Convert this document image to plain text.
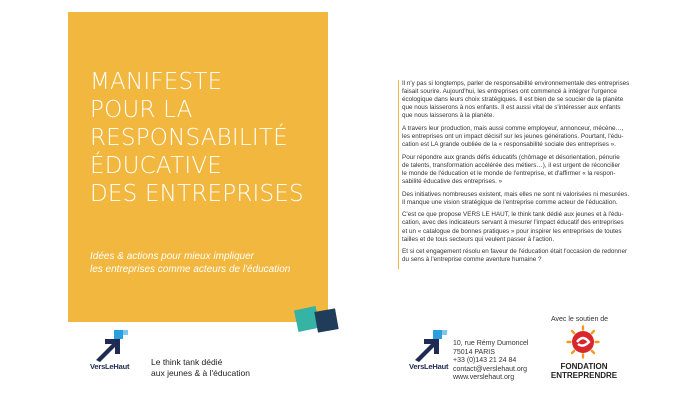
MANIFESTE
POUR LA
RESPONSABILITÉ
ÉDUCATIVE
DES ENTREPRISES

Idées & actions pour mieux impliquer
les entreprises comme acteurs de l'éducation

VersLeHaut	Le think tank dédié
aux jeunes & à l'éducation

Il n'y pas si longtemps, parler de responsabilité environnementale des entreprises
faisait sourire. Aujourd'hui, les entreprises ont commencé à intégrer l'urgence
écologique dans leurs choix stratégiques. Il est bien de se soucier de la planète
que nous laisserons à nos enfants. Il est aussi vital de s'intéresser aux enfants
que nous laisserons à la planète.

A travers leur production, mais aussi comme employeur, annonceur, mécène…,
les entreprises ont un impact décisif sur les jeunes générations. Pourtant, l'édu-
cation est LA grande oubliée de la « responsabilité sociale des entreprises ».

Pour répondre aux grands défis éducatifs (chômage et désorientation, pénurie
de talents, transformation accélérée des métiers…), il est urgent de réconcilier
le monde de l'éducation et le monde de l'entreprise, et d'affirmer « la respon-
sabilité éducative des entreprises. »

Des initiatives nombreuses existent, mais elles ne sont ni valorisées ni mesurées.
Il manque une vision stratégique de l'entreprise comme acteur de l'éducation.

C'est ce que propose VERS LE HAUT, le think tank dédié aux jeunes et à l'édu-
cation, avec des indicateurs servant à mesurer l'impact éducatif des entreprises
et un « catalogue de bonnes pratiques » pour inspirer les entreprises de toutes
tailles et de tous secteurs qui veulent passer à l'action.

Et si cet engagement résolu en faveur de l'éducation était l'occasion de redonner
du sens à l'entreprise comme aventure humaine ?

VersLeHaut
10, rue Rémy Dumoncel
75014 PARIS
+33 (0)143 21 24 84
contact@verslehaut.org
www.verslehaut.org
Avec le soutien de
FONDATION
ENTREPRENDRE
